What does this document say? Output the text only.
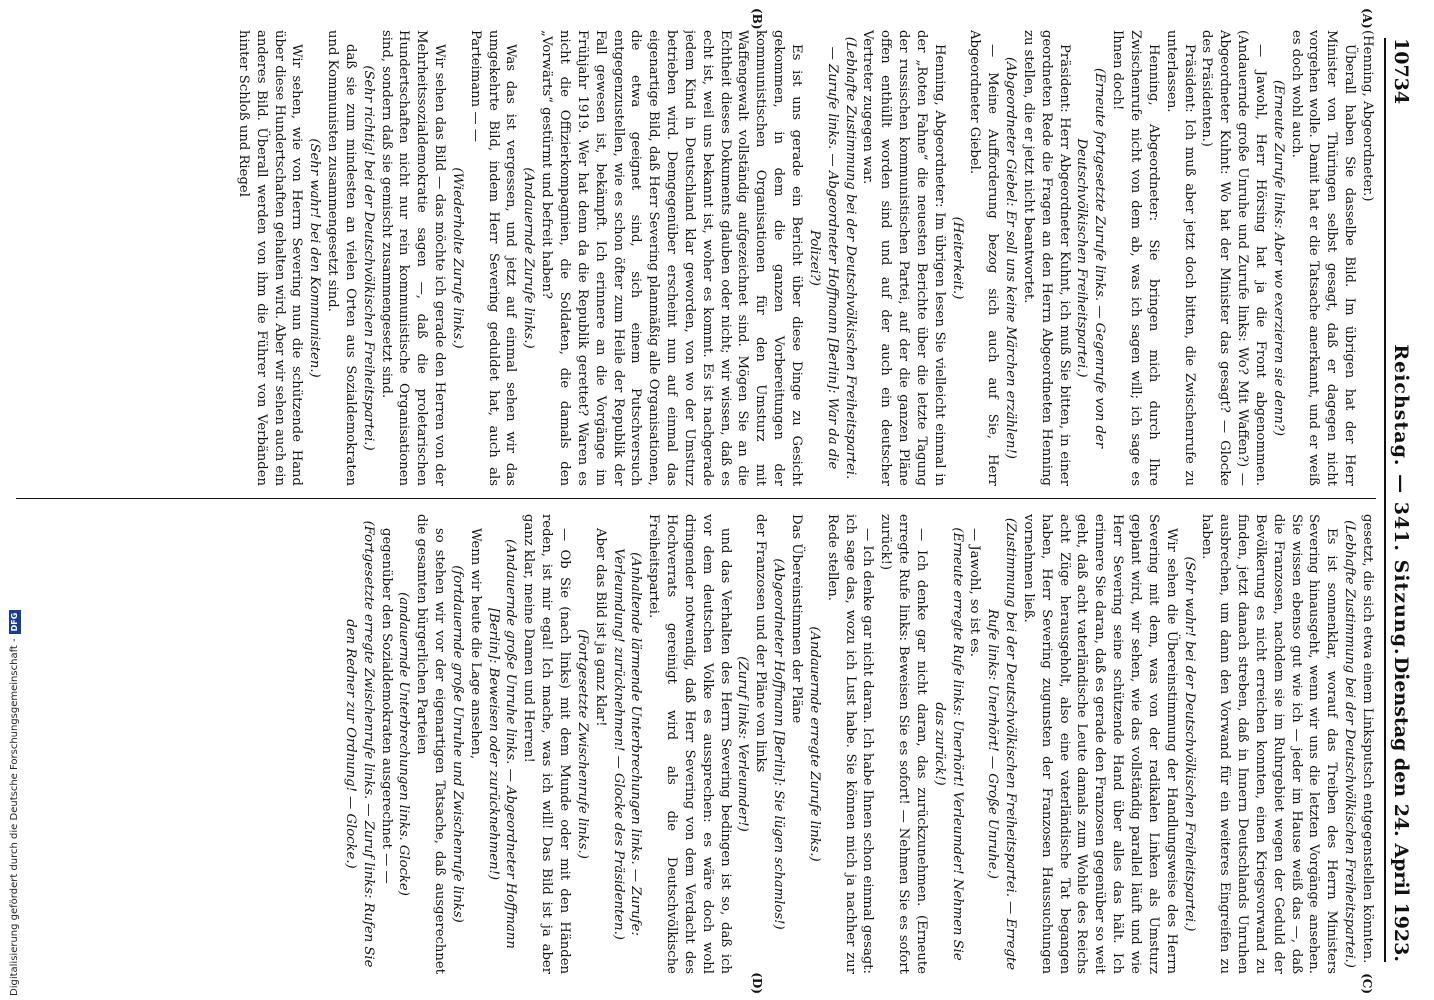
Digitalisierung gefördert durch die Deutsche Forschungsgemeinschaft -DFG
10734
Reichstag. — 341. Sitzung.
Dienstag den 24. April 1923.
(A)
(B)
(C)
(D)

(Henning, Abgeordneter.)

Überall haben Sie dasselbe Bild. Im übrigen hat der Herr Minister von Thüringen selbst gesagt, daß er dagegen nicht vorgehen wolle. Damit hat er die Tatsache anerkannt, und er weiß es doch wohl auch.

(Erneute Zurufe links: Aber wo exerzieren sie denn?)

— Jawohl, Herr Hörsing hat ja die Front abgenommen. (Andauernde große Unruhe und Zurufe links: Wo? Mit Waffen?) — Abgeordneter Kuhnt: Wo hat der Minister das gesagt? — Glocke des Präsidenten.)

Präsident: Ich muß aber jetzt doch bitten, die Zwischenrufe zu unterlassen.

Henning, Abgeordneter: Sie bringen mich durch Ihre Zwischenrufe nicht von dem ab, was ich sagen will; ich sage es Ihnen doch!

(Erneute fortgesetzte Zurufe links. — Gegenrufe von der Deutschvölkischen Freiheitspartei.)

Präsident: Herr Abgeordneter Kuhnt, ich muß Sie bitten, in einer geordneten Rede die Fragen an den Herrn Abgeordneten Henning zu stellen, die er jetzt nicht beantwortet.

(Abgeordneter Giebel: Er soll uns keine Märchen erzählen!)

— Meine Aufforderung bezog sich auch auf Sie, Herr Abgeordneter Giebel.

(Heiterkeit.)

Henning, Abgeordneter: Im übrigen lesen Sie vielleicht einmal in der „Roten Fahne“ die neuesten Berichte über die letzte Tagung der russischen kommunistischen Partei, auf der die ganzen Pläne offen enthüllt worden sind und auf der auch ein deutscher Vertreter zugegen war.

(Lebhafte Zustimmung bei der Deutschvölkischen Freiheitspartei. — Zurufe links. — Abgeordneter Hoffmann [Berlin]: War da die Polizei?)

Es ist uns gerade ein Bericht über diese Dinge zu Gesicht gekommen, in dem die ganzen Vorbereitungen der kommunistischen Organisationen für den Umsturz mit Waffengewalt vollständig aufgezeichnet sind. Mögen Sie an die Echtheit dieses Dokuments glauben oder nicht; wir wissen, daß es echt ist, weil uns bekannt ist, woher es kommt. Es ist nachgerade jedem Kind in Deutschland klar geworden, von wo der Umsturz betrieben wird. Demgegenüber erscheint nun auf einmal das eigenartige Bild, daß Herr Severing planmäßig alle Organisationen, die etwa geeignet sind, sich einem Putschversuch entgegenzustellen, wie es schon öfter zum Heile der Republik der Fall gewesen ist, bekämpft. Ich erinnere an die Vorgänge im Frühjahr 1919. Wer hat denn da die Republik gerettet? Waren es nicht die Offizierkompagnien, die Soldaten, die damals den „Vorwärts“ gestürmt und befreit haben?

(Andauernde Zurufe links.)

Was das ist vergessen, und jetzt auf einmal sehen wir das umgekehrte Bild, indem Herr Severing geduldet hat, auch als Parteimann — —

(Wiederholte Zurufe links.)

Wir sehen das Bild — das möchte ich gerade den Herren von der Mehrheitssozialdemokratie sagen —, daß die proletarischen Hundertschaften nicht nur rein kommunistische Organisationen sind, sondern daß sie gemischt zusammengesetzt sind.

(Sehr richtig! bei der Deutschvölkischen Freiheitspartei.)

daß sie zum mindesten an vielen Orten aus Sozialdemokraten und Kommunisten zusammengesetzt sind.

(Sehr wahr! bei den Kommunisten.)

Wir sehen, wie von Herrn Severing nun die schützende Hand über diese Hundertschaften gehalten wird. Aber wir sehen auch ein anderes Bild. Überall werden von ihm die Führer von Verbänden hinter Schloß und Riegel

gesetzt, die sich etwa einem Linksputsch entgegenstellen könnten.

(Lebhafte Zustimmung bei der Deutschvölkischen Freiheitspartei.)

Es ist sonnenklar, worauf das Treiben des Herrn Ministers Severing hinausgeht, wenn wir uns die letzten Vorgänge ansehen. Sie wissen ebenso gut wie ich — jeder im Hause weiß das —, daß die Franzosen, nachdem sie im Ruhrgebiet wegen der Geduld der Bevölkerung es nicht erreichen konnten, einen Kriegsvorwand zu finden, jetzt danach streben, daß in Innern Deutschlands Unruhen ausbrechen, um dann den Vorwand für ein weiteres Eingreifen zu haben.

(Sehr wahr! bei der Deutschvölkischen Freiheitspartei.)

Wir sehen die Übereinstimmung der Handlungsweise des Herrn Severing mit dem, was von der radikalen Linken als Umsturz geplant wird, wir sehen, wie das vollständig parallel läuft und wie Herr Severing seine schützende Hand über alles das hält. Ich erinnere Sie daran, daß es gerade den Franzosen gegenüber so weit geht, daß acht vaterländische Leute damals zum Wohle des Reichs acht Züge herausgeholt, also eine vaterländische Tat begangen haben, Herr Severing zugunsten der Franzosen Haussuchungen vornehmen ließ.

(Zustimmung bei der Deutschvölkischen Freiheitspartei. — Erregte Rufe links: Unerhört! — Große Unruhe.)

— Jawohl, so ist es.

(Erneute erregte Rufe links: Unerhört! Verleumder! Nehmen Sie das zurück!)

— Ich denke gar nicht daran, das zurückzunehmen. (Erneute erregte Rufe links: Beweisen Sie es sofort! — Nehmen Sie es sofort zurück!)

— Ich denke gar nicht daran. Ich habe Ihnen schon einmal gesagt: ich sage das, wozu ich Lust habe. Sie können mich ja nachher zur Rede stellen.

(Andauernde erregte Zurufe links.)

Das Übereinstimmen der Pläne

(Abgeordneter Hoffmann [Berlin]: Sie lügen schamlos!)

der Franzosen und der Pläne von links

(Zuruf links: Verleumder!)

und das Verhalten des Herrn Severing bedingen ist so, daß ich vor dem deutschen Volke es aussprechen: es wäre doch wohl dringender notwendig, daß Herr Severing von dem Verdacht des Hochverrats gereinigt wird als die Deutschvölkische Freiheitspartei.

(Anhaltende lärmende Unterbrechungen links. — Zurufe: Verleumdung! zurücknehmen! — Glocke des Präsidenten.)

Aber das Bild ist ja ganz klar!

(Fortgesetzte Zwischenrufe links.)

— Ob Sie (nach links) mit dem Munde oder mit den Händen reden, ist mir egal! Ich mache, was ich will! Das Bild ist ja aber ganz klar, meine Damen und Herren!

(Andauernde große Unruhe links. — Abgeordneter Hoffmann [Berlin]: Beweisen oder zurücknehmen!)

Wenn wir heute die Lage ansehen,

(fortdauernde große Unruhe und Zwischenrufe links)

so stehen wir vor der eigenartigen Tatsache, daß ausgerechnet die gesamten bürgerlichen Parteien

(andauernde Unterbrechungen links. Glocke)

gegenüber den Sozialdemokraten ausgerechnet — —

(Fortgesetzte erregte Zwischenrufe links. — Zuruf links: Rufen Sie den Redner zur Ordnung! — Glocke.)
